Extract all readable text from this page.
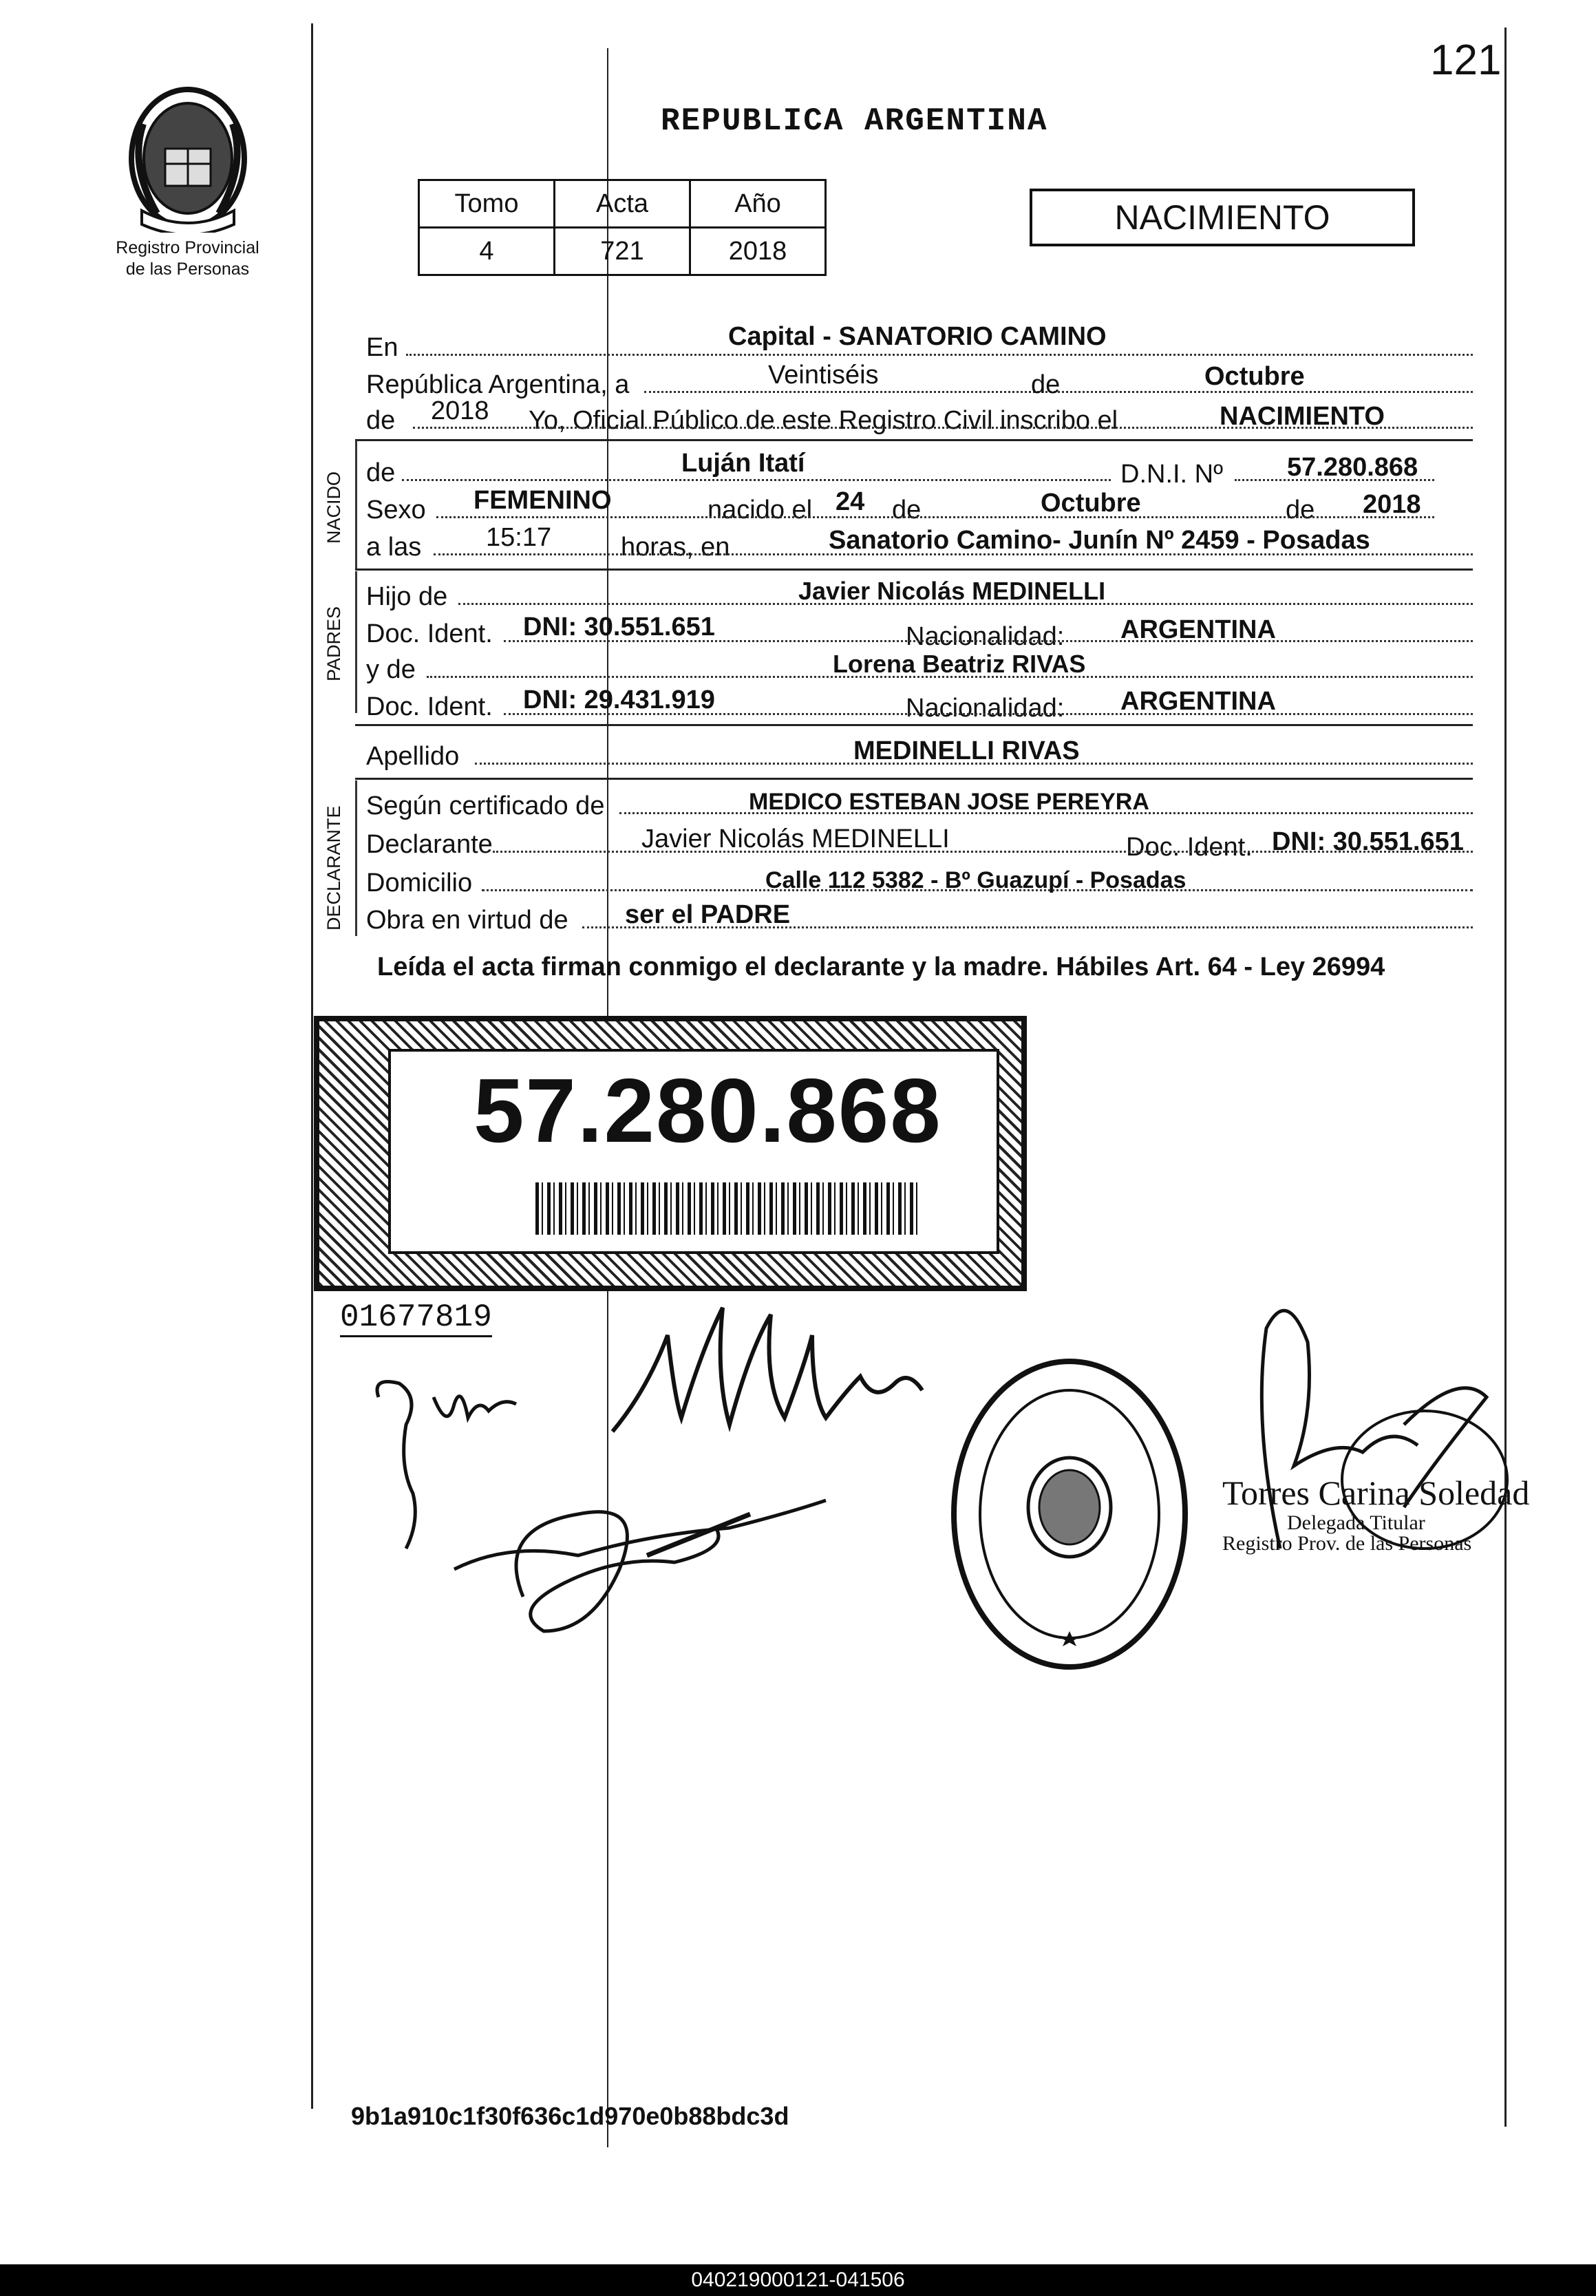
121
Registro Provincial
de las Personas
REPUBLICA ARGENTINA
Tomo	Acta	Año
4	721	2018
NACIMIENTO
En	Capital - SANATORIO CAMINO
República Argentina, a	Veintiséis	de	Octubre
de 2018 Yo, Oficial Público de este Registro Civil inscribo el	NACIMIENTO
NACIDO de	Luján Itatí	D.N.I. Nº 57.280.868
Sexo FEMENINO	nacido el 24 de	Octubre	de 2018
a las 15:17	horas, en	Sanatorio Camino- Junín Nº 2459 - Posadas
PADRES
Hijo de	Javier Nicolás MEDINELLI
Doc. Ident. DNI: 30.551.651	Nacionalidad: ARGENTINA
y de	Lorena Beatriz RIVAS
Doc. Ident. DNI: 29.431.919	Nacionalidad: ARGENTINA
Apellido	MEDINELLI RIVAS
DECLARANTE Según certificado de	MEDICO ESTEBAN JOSE PEREYRA
Declarante	Javier Nicolás MEDINELLI	Doc. Ident. DNI: 30.551.651
Domicilio	Calle 112 5382 - Bº Guazupí - Posadas
Obra en virtud de ser el PADRE
Leída el acta firman conmigo el declarante y la madre. Hábiles Art. 64 - Ley 26994
57.280.868
01677819
Torres Carina Soledad
Delegada Titular
Registro Prov. de las Personas
9b1a910c1f30f636c1d970e0b88bdc3d
040219000121-041506
